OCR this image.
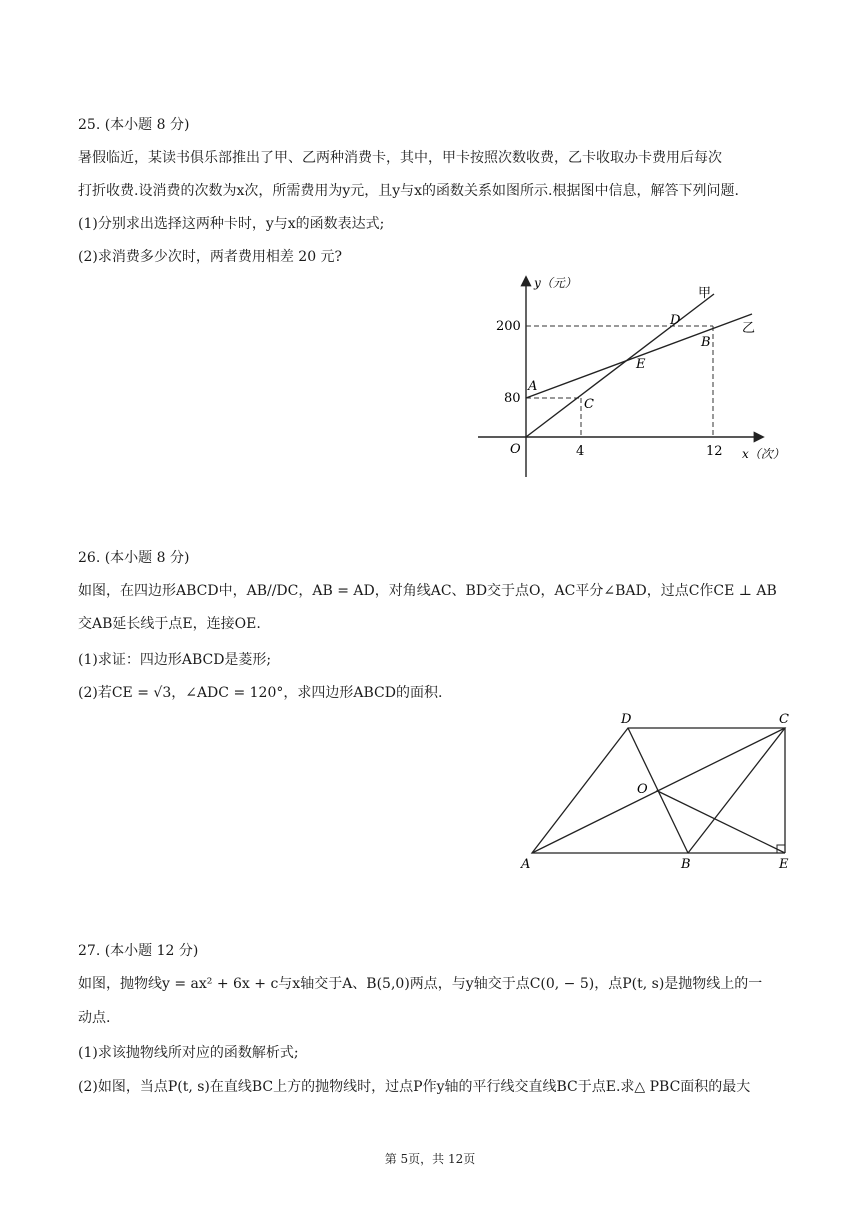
25. (本小题 8 分)
暑假临近，某读书俱乐部推出了甲、乙两种消费卡，其中，甲卡按照次数收费，乙卡收取办卡费用后每次
打折收费.设消费的次数为x次，所需费用为y元，且y与x的函数关系如图所示.根据图中信息，解答下列问题.
(1)分别求出选择这两种卡时，y与x的函数表达式;
(2)求消费多少次时，两者费用相差 20 元?
y（元）
x（次）
200
80
4	12
O
甲
乙
A
B
C
D
E
26. (本小题 8 分)
如图，在四边形ABCD中，AB//DC，AB = AD，对角线AC、BD交于点O，AC平分∠BAD，过点C作CE ⊥ AB
交AB延长线于点E，连接OE.
(1)求证：四边形ABCD是菱形;
(2)若CE = √3，∠ADC = 120°，求四边形ABCD的面积.
A	B
C
D
E
O
27. (本小题 12 分)
如图，抛物线y = ax² + 6x + c与x轴交于A、B(5,0)两点，与y轴交于点C(0, − 5)，点P(t, s)是抛物线上的一
动点.
(1)求该抛物线所对应的函数解析式;
(2)如图，当点P(t, s)在直线BC上方的抛物线时，过点P作y轴的平行线交直线BC于点E.求△ PBC面积的最大
第 5页，共 12页
